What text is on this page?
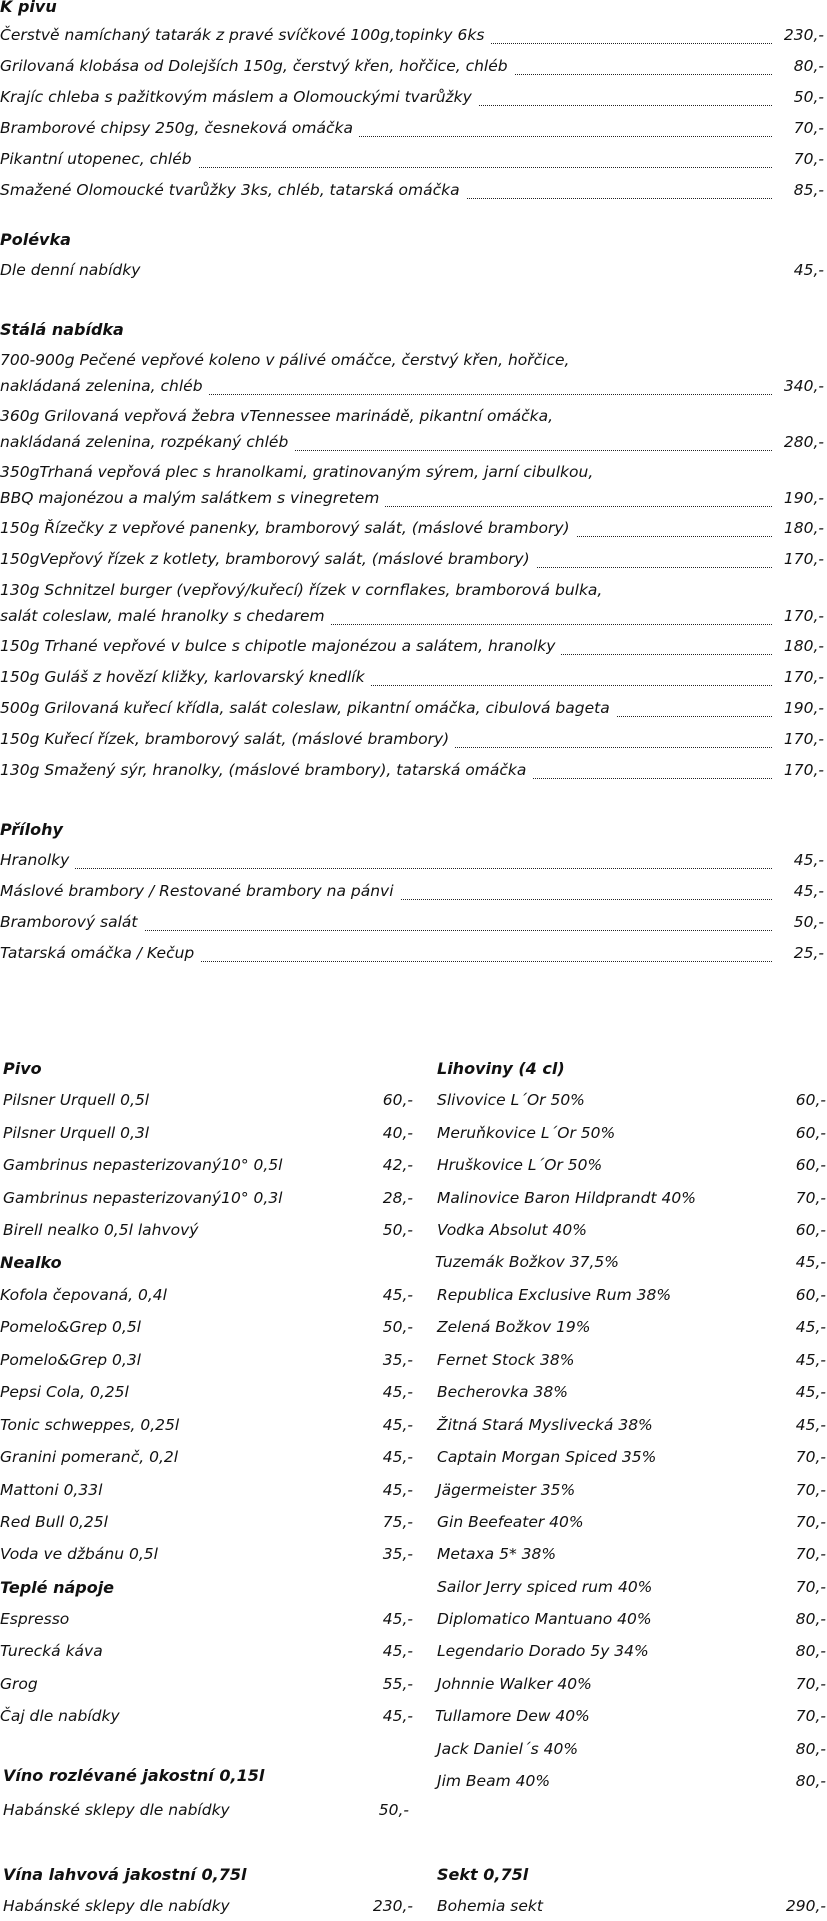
K pivu
Čerstvě namíchaný tatarák z pravé svíčkové 100g,topinky 6ks	230,-
Grilovaná klobása od Dolejších 150g, čerstvý křen, hořčice, chléb	80,-
Krajíc chleba s pažitkovým máslem a Olomouckými tvarůžky	50,-
Bramborové chipsy 250g, česneková omáčka	70,-
Pikantní utopenec, chléb	70,-
Smažené Olomoucké tvarůžky 3ks, chléb, tatarská omáčka	85,-
Polévka
Dle denní nabídky	45,-
Stálá nabídka
700-900g Pečené vepřové koleno v pálivé omáčce, čerstvý křen, hořčice,
nakládaná zelenina, chléb	340,-
360g Grilovaná vepřová žebra vTennessee marinádě, pikantní omáčka,
nakládaná zelenina, rozpékaný chléb	280,-
350gTrhaná vepřová plec s hranolkami, gratinovaným sýrem, jarní cibulkou,
BBQ majonézou a malým salátkem s vinegretem	190,-
150g Řízečky z vepřové panenky, bramborový salát, (máslové brambory)	180,-
150gVepřový řízek z kotlety, bramborový salát, (máslové brambory)	170,-
130g Schnitzel burger (vepřový/kuřecí) řízek v cornflakes, bramborová bulka,
salát coleslaw, malé hranolky s chedarem	170,-
150g Trhané vepřové v bulce s chipotle majonézou a salátem, hranolky	180,-
150g Guláš z hovězí kližky, karlovarský knedlík	170,-
500g Grilovaná kuřecí křídla, salát coleslaw, pikantní omáčka, cibulová bageta	190,-
150g Kuřecí řízek, bramborový salát, (máslové brambory)	170,-
130g Smažený sýr, hranolky, (máslové brambory), tatarská omáčka	170,-
Přílohy
Hranolky	45,-
Máslové brambory / Restované brambory na pánvi	45,-
Bramborový salát	50,-
Tatarská omáčka / Kečup	25,-
Pivo
Pilsner Urquell 0,5l	60,-
Pilsner Urquell 0,3l	40,-
Gambrinus nepasterizovaný10° 0,5l	42,-
Gambrinus nepasterizovaný10° 0,3l	28,-
Birell nealko 0,5l lahvový	50,-
Nealko
Kofola čepovaná, 0,4l	45,-
Pomelo&Grep 0,5l	50,-
Pomelo&Grep 0,3l	35,-
Pepsi Cola, 0,25l	45,-
Tonic schweppes, 0,25l	45,-
Granini pomeranč, 0,2l	45,-
Mattoni 0,33l	45,-
Red Bull 0,25l	75,-
Voda ve džbánu 0,5l	35,-
Teplé nápoje
Espresso	45,-
Turecká káva	45,-
Grog	55,-
Čaj dle nabídky	45,-
Víno rozlévané jakostní 0,15l
Habánské sklepy dle nabídky	50,-
Vína lahvová jakostní 0,75l
Habánské sklepy dle nabídky	230,-
Lihoviny (4 cl)
Slivovice L´Or 50%	60,-
Meruňkovice L´Or 50%	60,-
Hruškovice L´Or 50%	60,-
Malinovice Baron Hildprandt 40%	70,-
Vodka Absolut 40%	60,-
Tuzemák Božkov 37,5%	45,-
Republica Exclusive Rum 38%	60,-
Zelená Božkov 19%	45,-
Fernet Stock 38%	45,-
Becherovka 38%	45,-
Žitná Stará Myslivecká 38%	45,-
Captain Morgan Spiced 35%	70,-
Jägermeister 35%	70,-
Gin Beefeater 40%	70,-
Metaxa 5* 38%	70,-
Sailor Jerry spiced rum 40%	70,-
Diplomatico Mantuano 40%	80,-
Legendario Dorado 5y 34%	80,-
Johnnie Walker 40%	70,-
Tullamore Dew 40%	70,-
Jack Daniel´s 40%	80,-
Jim Beam 40%	80,-
Sekt 0,75l
Bohemia sekt	290,-
